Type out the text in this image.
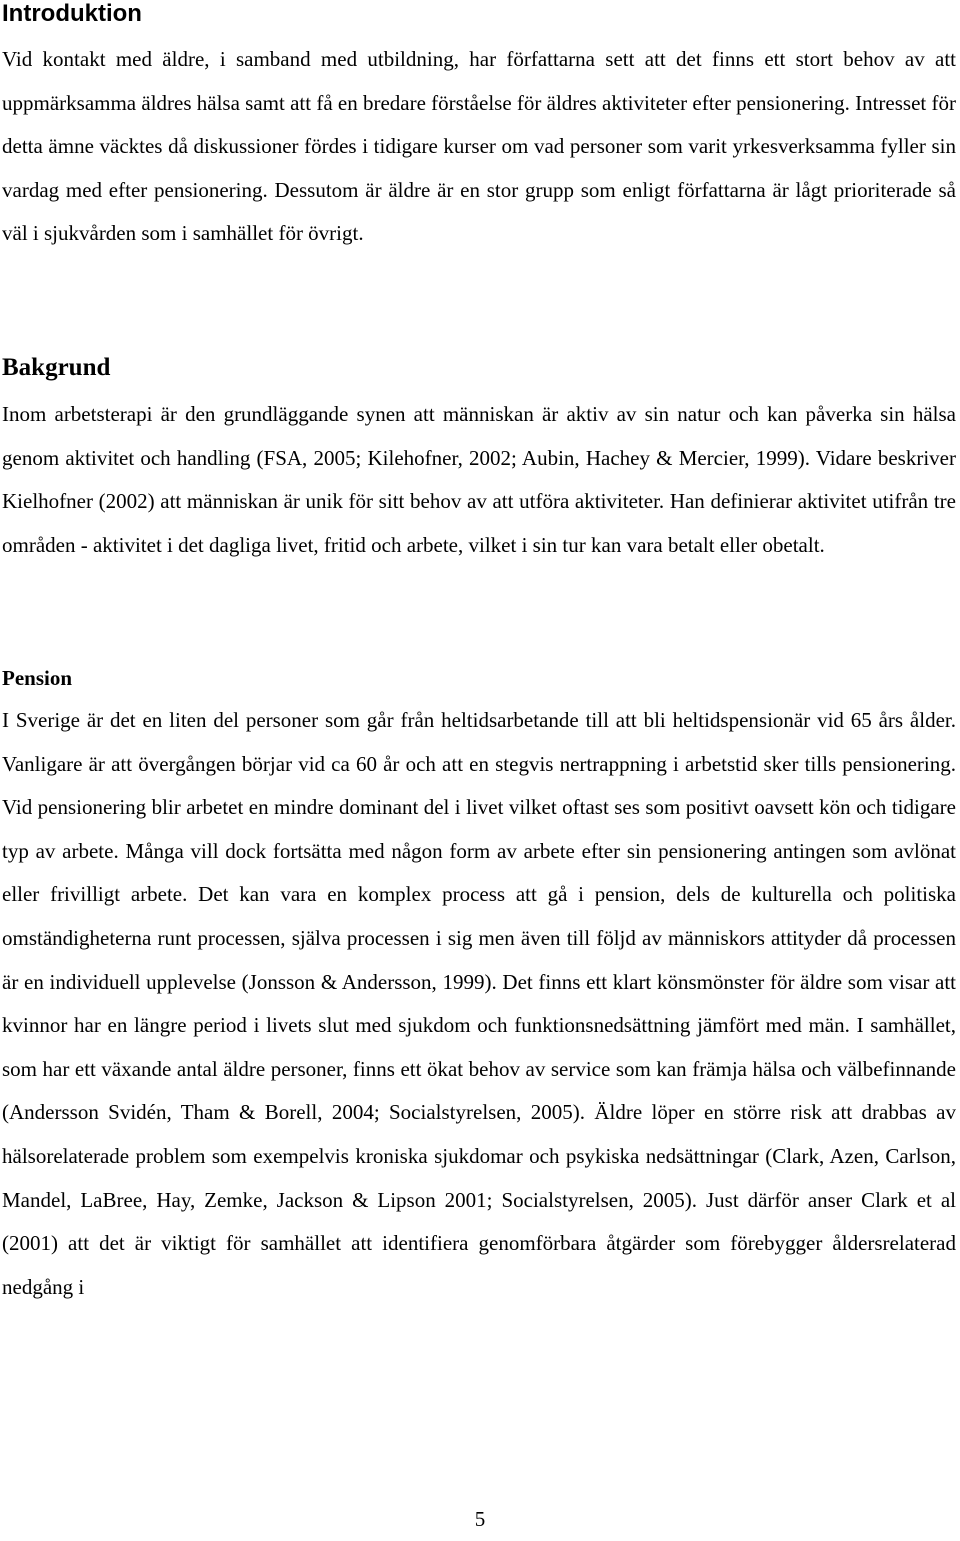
Introduktion

Vid kontakt med äldre, i samband med utbildning, har författarna sett att det finns ett stort behov av att uppmärksamma äldres hälsa samt att få en bredare förståelse för äldres aktiviteter efter pensionering. Intresset för detta ämne väcktes då diskussioner fördes i tidigare kurser om vad personer som varit yrkesverksamma fyller sin vardag med efter pensionering. Dessutom är äldre är en stor grupp som enligt författarna är lågt prioriterade så väl i sjukvården som i samhället för övrigt.

Bakgrund

Inom arbetsterapi är den grundläggande synen att människan är aktiv av sin natur och kan påverka sin hälsa genom aktivitet och handling (FSA, 2005; Kilehofner, 2002; Aubin, Hachey & Mercier, 1999). Vidare beskriver Kielhofner (2002) att människan är unik för sitt behov av att utföra aktiviteter. Han definierar aktivitet utifrån tre områden - aktivitet i det dagliga livet, fritid och arbete, vilket i sin tur kan vara betalt eller obetalt.

Pension

I Sverige är det en liten del personer som går från heltidsarbetande till att bli heltidspensionär vid 65 års ålder. Vanligare är att övergången börjar vid ca 60 år och att en stegvis nertrappning i arbetstid sker tills pensionering. Vid pensionering blir arbetet en mindre dominant del i livet vilket oftast ses som positivt oavsett kön och tidigare typ av arbete. Många vill dock fortsätta med någon form av arbete efter sin pensionering antingen som avlönat eller frivilligt arbete. Det kan vara en komplex process att gå i pension, dels de kulturella och politiska omständigheterna runt processen, själva processen i sig men även till följd av människors attityder då processen är en individuell upplevelse (Jonsson & Andersson, 1999). Det finns ett klart könsmönster för äldre som visar att kvinnor har en längre period i livets slut med sjukdom och funktionsnedsättning jämfört med män. I samhället, som har ett växande antal äldre personer, finns ett ökat behov av service som kan främja hälsa och välbefinnande (Andersson Svidén, Tham & Borell, 2004; Socialstyrelsen, 2005). Äldre löper en större risk att drabbas av hälsorelaterade problem som exempelvis kroniska sjukdomar och psykiska nedsättningar (Clark, Azen, Carlson, Mandel, LaBree, Hay, Zemke, Jackson & Lipson 2001; Socialstyrelsen, 2005). Just därför anser Clark et al (2001) att det är viktigt för samhället att identifiera genomförbara åtgärder som förebygger åldersrelaterad nedgång i

5
